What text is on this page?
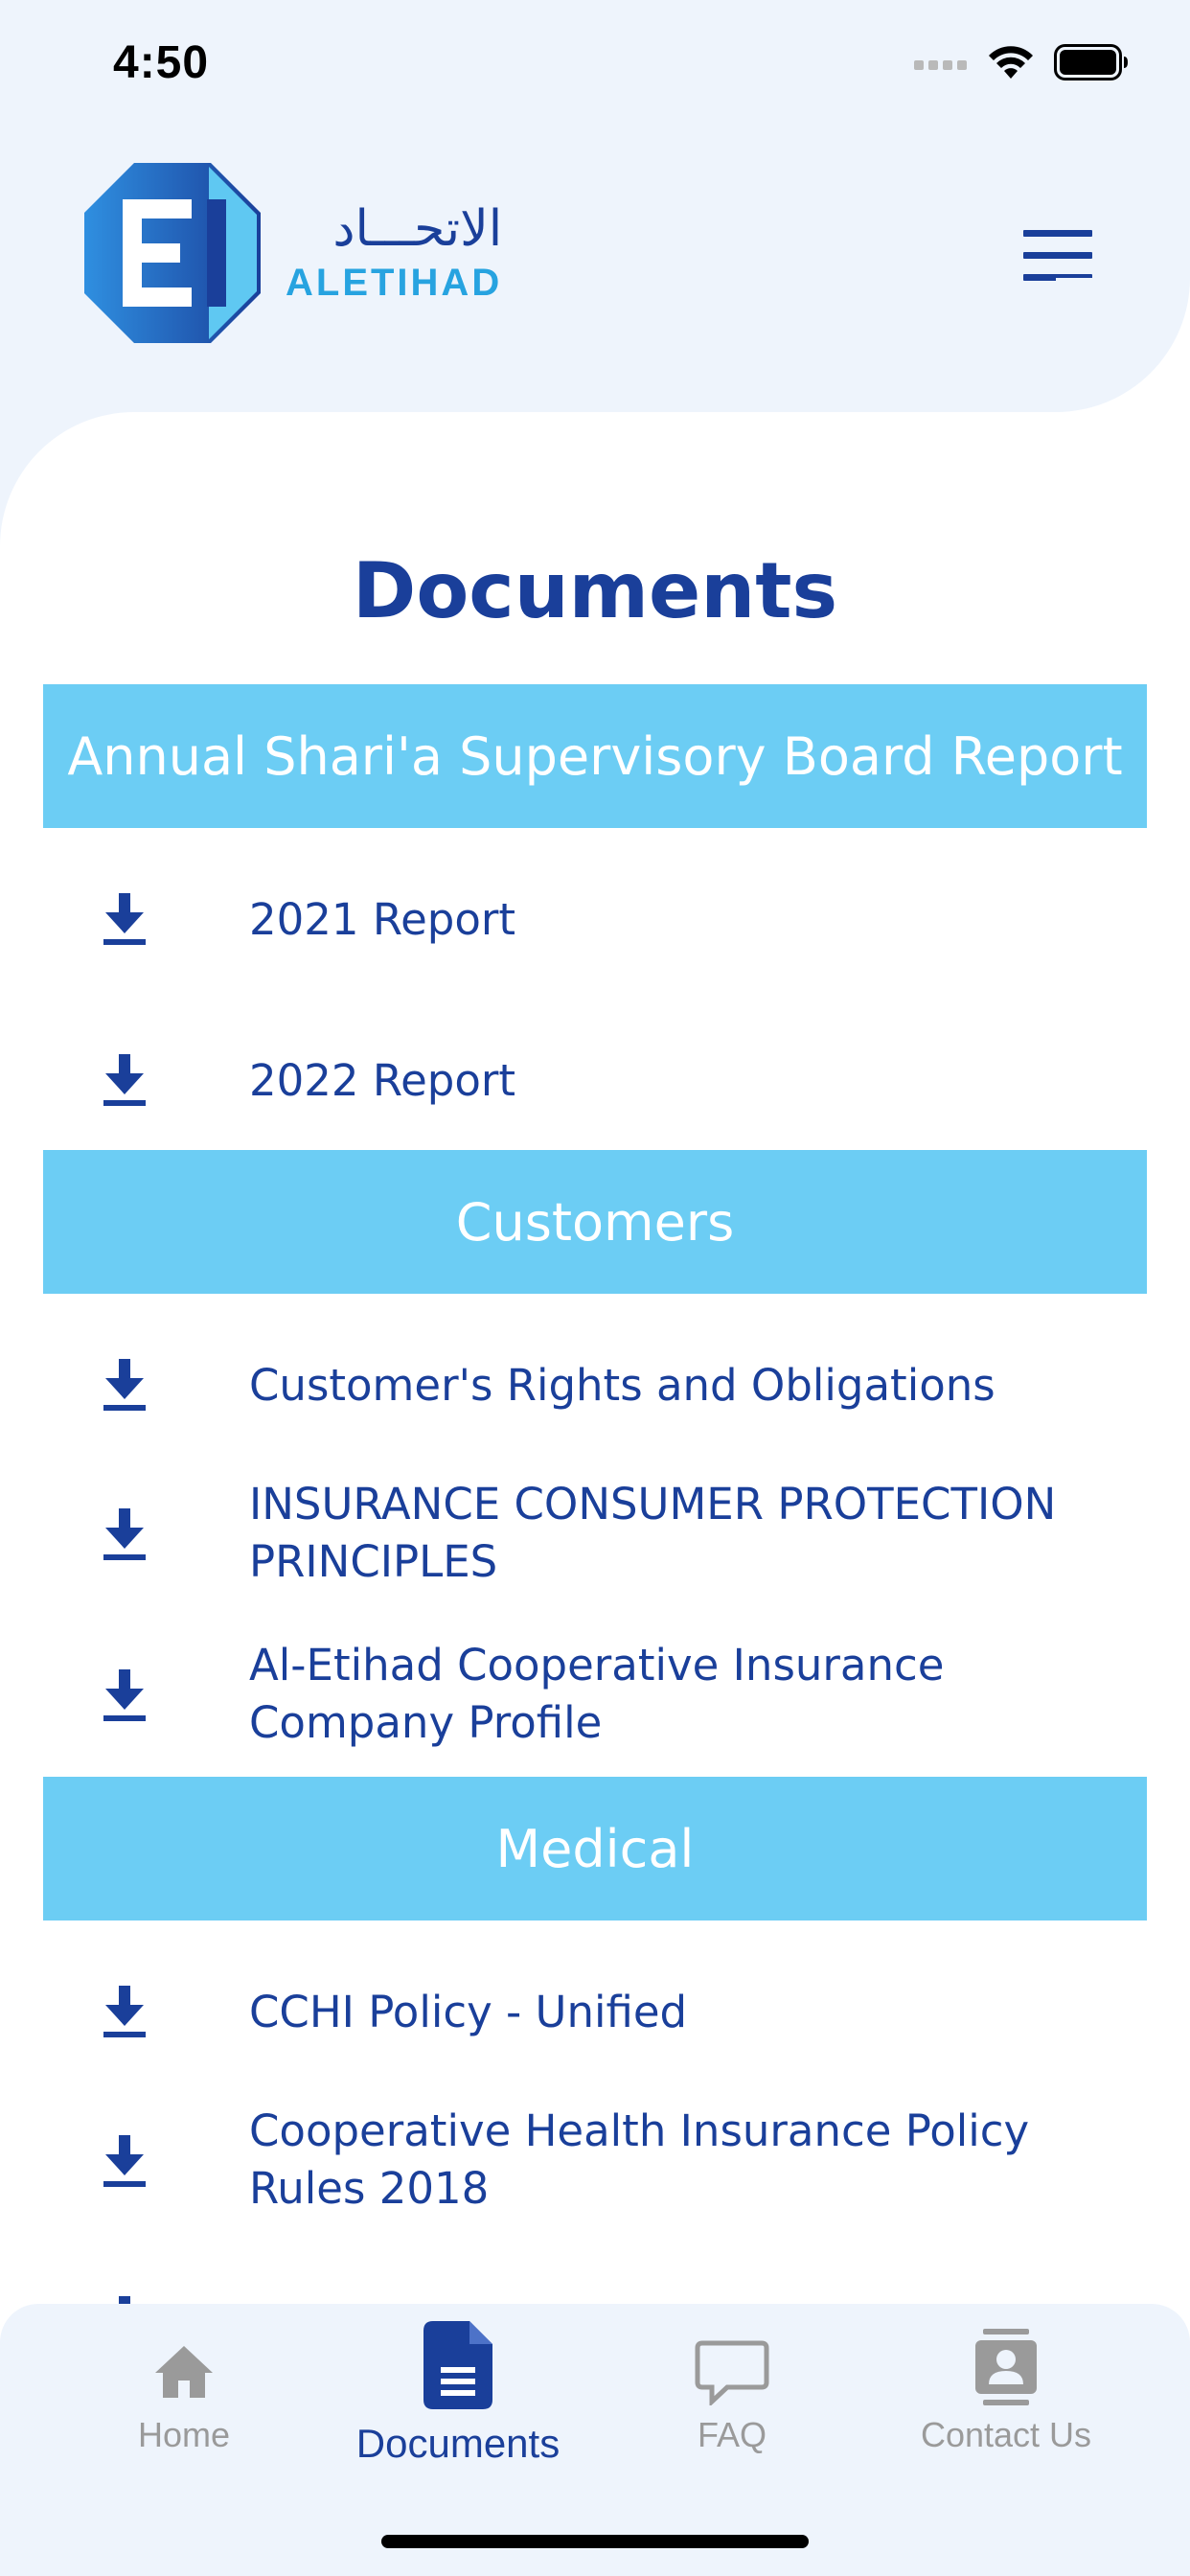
4:50
الاتحـــاد
ALETIHAD
Documents
Annual Shari'a Supervisory Board Report
2021 Report
2022 Report
Customers
Customer's Rights and Obligations
INSURANCE CONSUMER PROTECTION PRINCIPLES
Al-Etihad Cooperative Insurance Company Profile
Medical
CCHI Policy - Unified
Cooperative Health Insurance Policy Rules 2018
Home	Documents	FAQ	Contact Us
